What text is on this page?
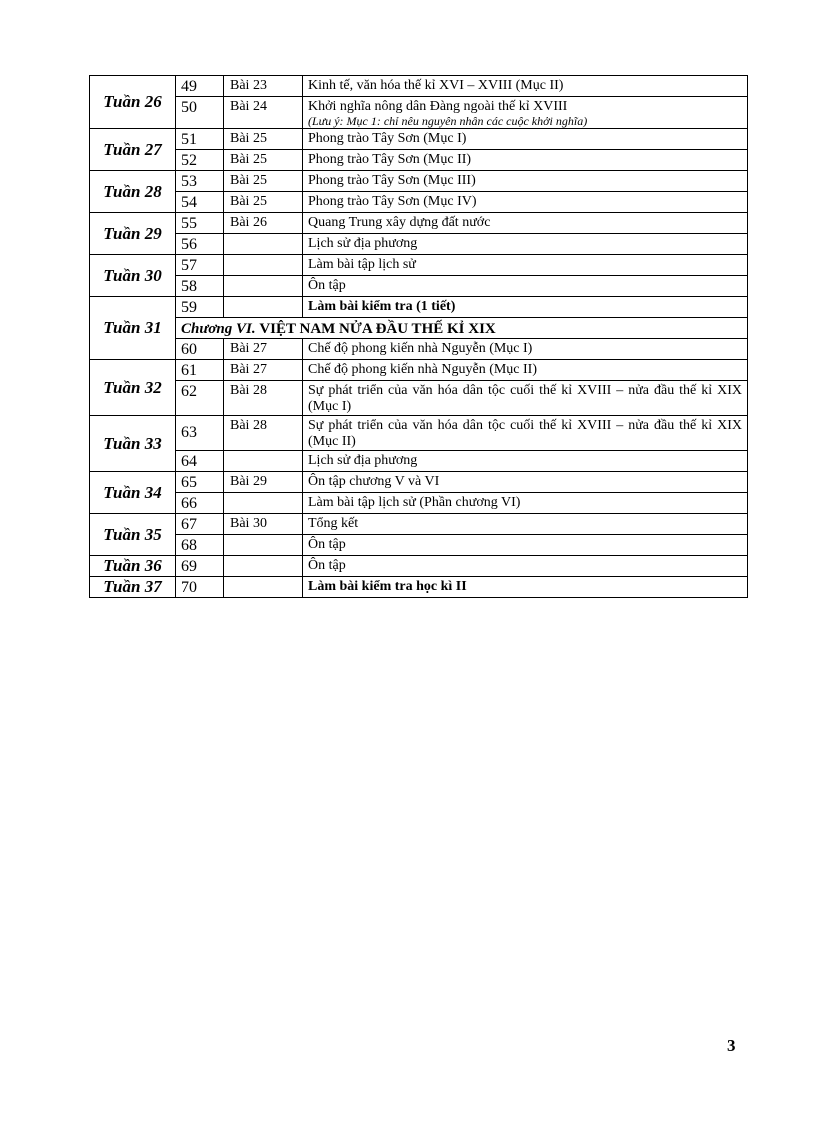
Tuần 26	49	Bài 23	Kinh tế, văn hóa thế kỉ XVI – XVIII (Mục II)
	50	Bài 24	Khởi nghĩa nông dân Đàng ngoài thế kỉ XVIII
(Lưu ý: Mục 1: chỉ nêu nguyên nhân các cuộc khởi nghĩa)

Tuần 27	51	Bài 25	Phong trào Tây Sơn (Mục I)
	52	Bài 25	Phong trào Tây Sơn (Mục II)
Tuần 28	53	Bài 25	Phong trào Tây Sơn (Mục III)
	54	Bài 25	Phong trào Tây Sơn (Mục IV)
Tuần 29	55	Bài 26	Quang Trung xây dựng đất nước
	56		Lịch sử địa phương
Tuần 30	57		Làm bài tập lịch sử
	58		Ôn tập
Tuần 31	59		Làm bài kiểm tra (1 tiết)
	Chương VI. VIỆT NAM NỬA ĐẦU THẾ KỈ XIX		
	60	Bài 27	Chế độ phong kiến nhà Nguyễn (Mục I)
Tuần 32	61	Bài 27	Chế độ phong kiến nhà Nguyễn (Mục II)
	62	Bài 28	Sự phát triển của văn hóa dân tộc cuối thế kỉ XVIII – nửa đầu thế kỉ XIX (Mục I)
Tuần 33	63	Bài 28	Sự phát triển của văn hóa dân tộc cuối thế kỉ XVIII – nửa đầu thế kỉ XIX (Mục II)
	64		Lịch sử địa phương
Tuần 34	65	Bài 29	Ôn tập chương V và VI
	66		Làm bài tập lịch sử (Phần chương VI)
Tuần 35	67	Bài 30	Tổng kết
	68		Ôn tập
Tuần 36	69		Ôn tập
Tuần 37	70		Làm bài kiểm tra học kì II
3
